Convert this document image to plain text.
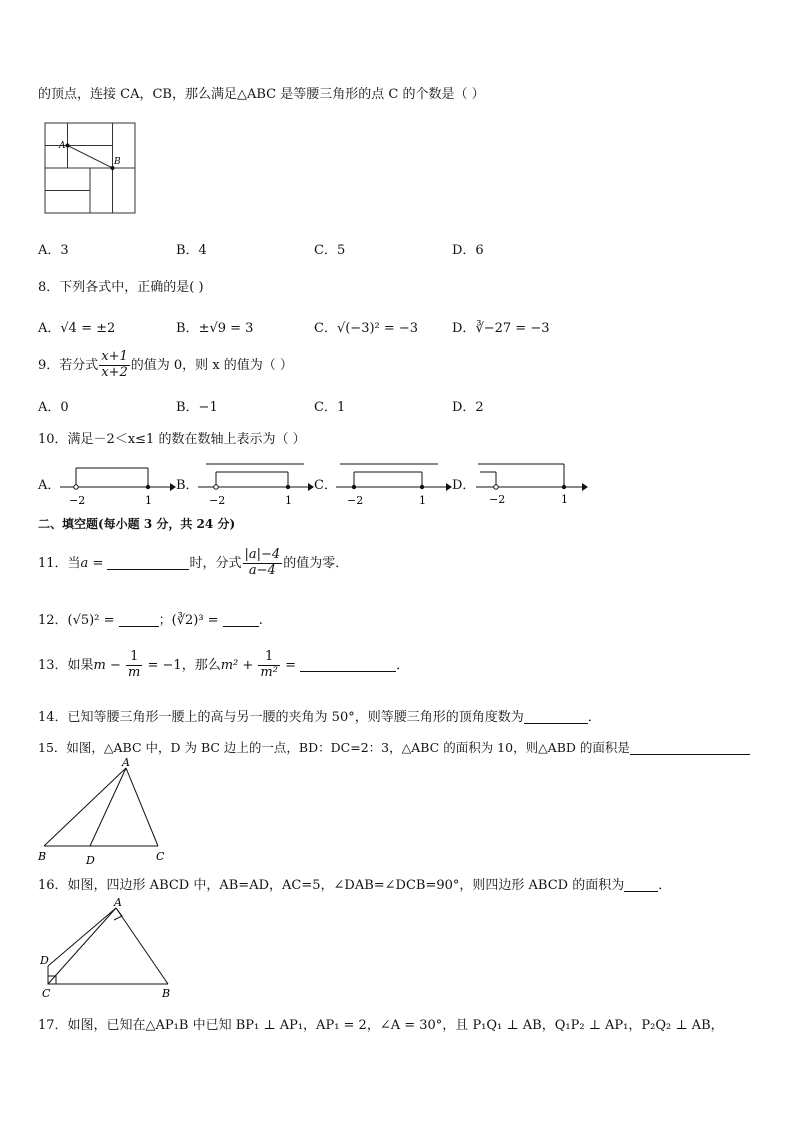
的顶点，连接 CA，CB，那么满足△ABC 是等腰三角形的点 C 的个数是（ ）
A
B
A．3	B．4	C．5	D．6
8．下列各式中，正确的是( )
A．√4 = ±2	B．±√9 = 3	C．√(−3)² = −3	D．∛−27 = −3
9．若分式 $\frac{x+1}{x+2}$ 的值为 0，则 x 的值为（ ）
A．0	B．−1	C．1	D．2
10．满足－2＜x≤1 的数在数轴上表示为（ ）
A．
−2	1
B．
−2	1
C．
−2	1
D．
−2	1
二、填空题(每小题 3 分，共 24 分)
11．当a =	时，分式 $\frac{|a|-4}{a-4}$ 的值为零．
12．(√5)² =	；(∛2)³ =	.
13．如果$m - \frac{1}{m} = -1$，那么$m^2 + \frac{1}{\text{m²}}$ =	．
14．已知等腰三角形一腰上的高与另一腰的夹角为 50°，则等腰三角形的顶角度数为	．
15．如图，△ABC 中，D 为 BC 边上的一点，BD：DC=2：3，△ABC 的面积为 10，则△ABD 的面积是
A
B	C
D
16．如图，四边形 ABCD 中，AB=AD，AC=5，∠DAB=∠DCB=90°，则四边形 ABCD 的面积为	．
A
B
C
D
17．如图，已知在△AP₁B 中已知 BP₁ ⊥ AP₁，AP₁ = 2，∠A = 30°，且 P₁Q₁ ⊥ AB，Q₁P₂ ⊥ AP₁，P₂Q₂ ⊥ AB，
